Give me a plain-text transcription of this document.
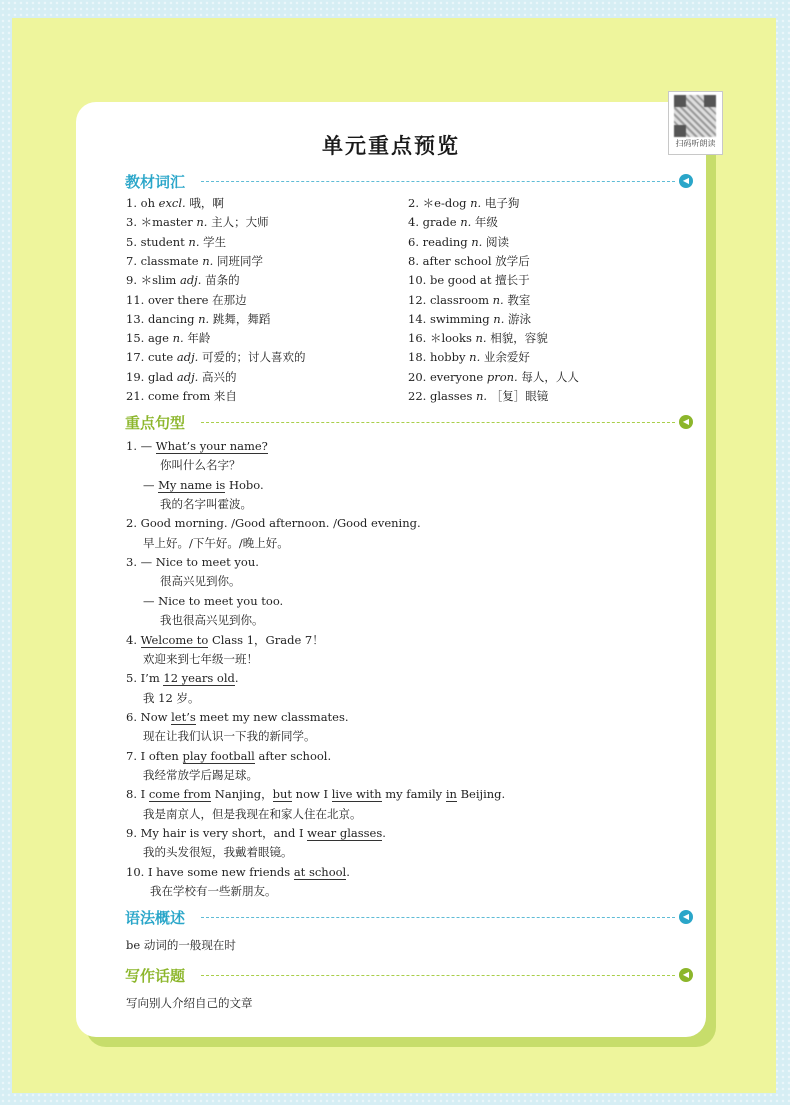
扫码听朗读
单元重点预览
教材词汇	◀
1. oh excl. 哦，啊	2. ＊e-dog n. 电子狗
3. ＊master n. 主人；大师	4. grade n. 年级
5. student n. 学生	6. reading n. 阅读
7. classmate n. 同班同学	8. after school 放学后
9. ＊slim adj. 苗条的	10. be good at 擅长于
11. over there 在那边	12. classroom n. 教室
13. dancing n. 跳舞，舞蹈	14. swimming n. 游泳
15. age n. 年龄	16. ＊looks n. 相貌，容貌
17. cute adj. 可爱的；讨人喜欢的	18. hobby n. 业余爱好
19. glad adj. 高兴的	20. everyone pron. 每人，人人
21. come from 来自	22. glasses n. ［复］眼镜
重点句型	◀
1. — What’s your name?
你叫什么名字？
— My name is Hobo.
我的名字叫霍波。
2. Good morning. /Good afternoon. /Good evening.
早上好。/下午好。/晚上好。
3. — Nice to meet you.
很高兴见到你。
— Nice to meet you too.
我也很高兴见到你。
4. Welcome to Class 1，Grade 7！
欢迎来到七年级一班！
5. I’m 12 years old.
我 12 岁。
6. Now let’s meet my new classmates.
现在让我们认识一下我的新同学。
7. I often play football after school.
我经常放学后踢足球。
8. I come from Nanjing，but now I live with my family in Beijing.
我是南京人，但是我现在和家人住在北京。
9. My hair is very short，and I wear glasses.
我的头发很短，我戴着眼镜。
10. I have some new friends at school.
我在学校有一些新朋友。
语法概述	◀
be 动词的一般现在时
写作话题	◀
写向别人介绍自己的文章
